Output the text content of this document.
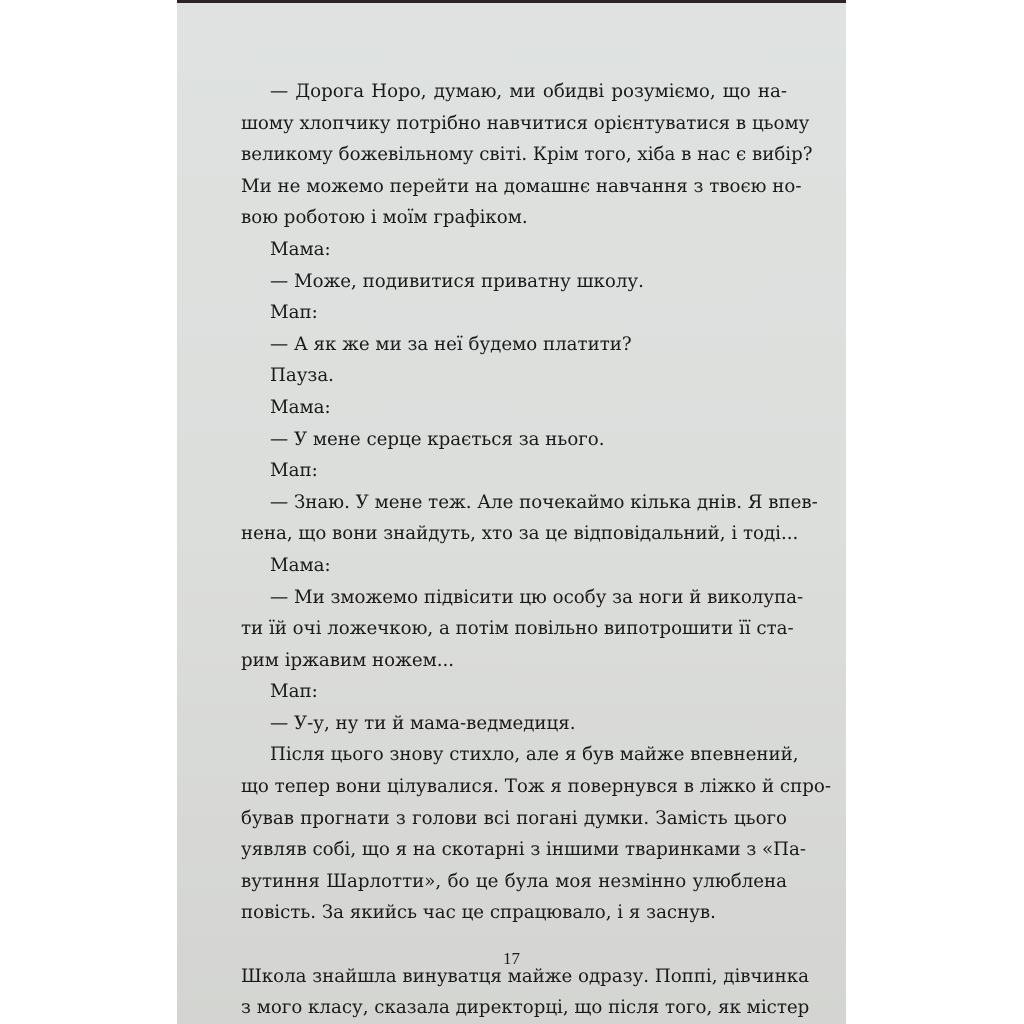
— Дорога Норо, думаю, ми обидві розуміємо, що на-
шому хлопчику потрібно навчитися орієнтуватися в цьому
великому божевільному світі. Крім того, хіба в нас є вибір?
Ми не можемо перейти на домашнє навчання з твоєю но-
вою роботою і моїм графіком.
Мама:
— Може, подивитися приватну школу.
Мап:
— А як же ми за неї будемо платити?
Пауза.
Мама:
— У мене серце крається за нього.
Мап:
— Знаю. У мене теж. Але почекаймо кілька днів. Я впев-
нена, що вони знайдуть, хто за це відповідальний, і тоді...
Мама:
— Ми зможемо підвісити цю особу за ноги й виколупа-
ти їй очі ложечкою, а потім повільно випотрошити її ста-
рим іржавим ножем...
Мап:
— У-у, ну ти й мама-ведмедиця.
Після цього знову стихло, але я був майже впевнений,
що тепер вони цілувалися. Тож я повернувся в ліжко й спро-
бував прогнати з голови всі погані думки. Замість цього
уявляв собі, що я на скотарні з іншими тваринками з «Па-
вутиння Шарлотти», бо це була моя незмінно улюблена
повість. За якийсь час це спрацювало, і я заснув.
Школа знайшла винуватця майже одразу. Поппі, дівчинка
з мого класу, сказала директорці, що після того, як містер
17
